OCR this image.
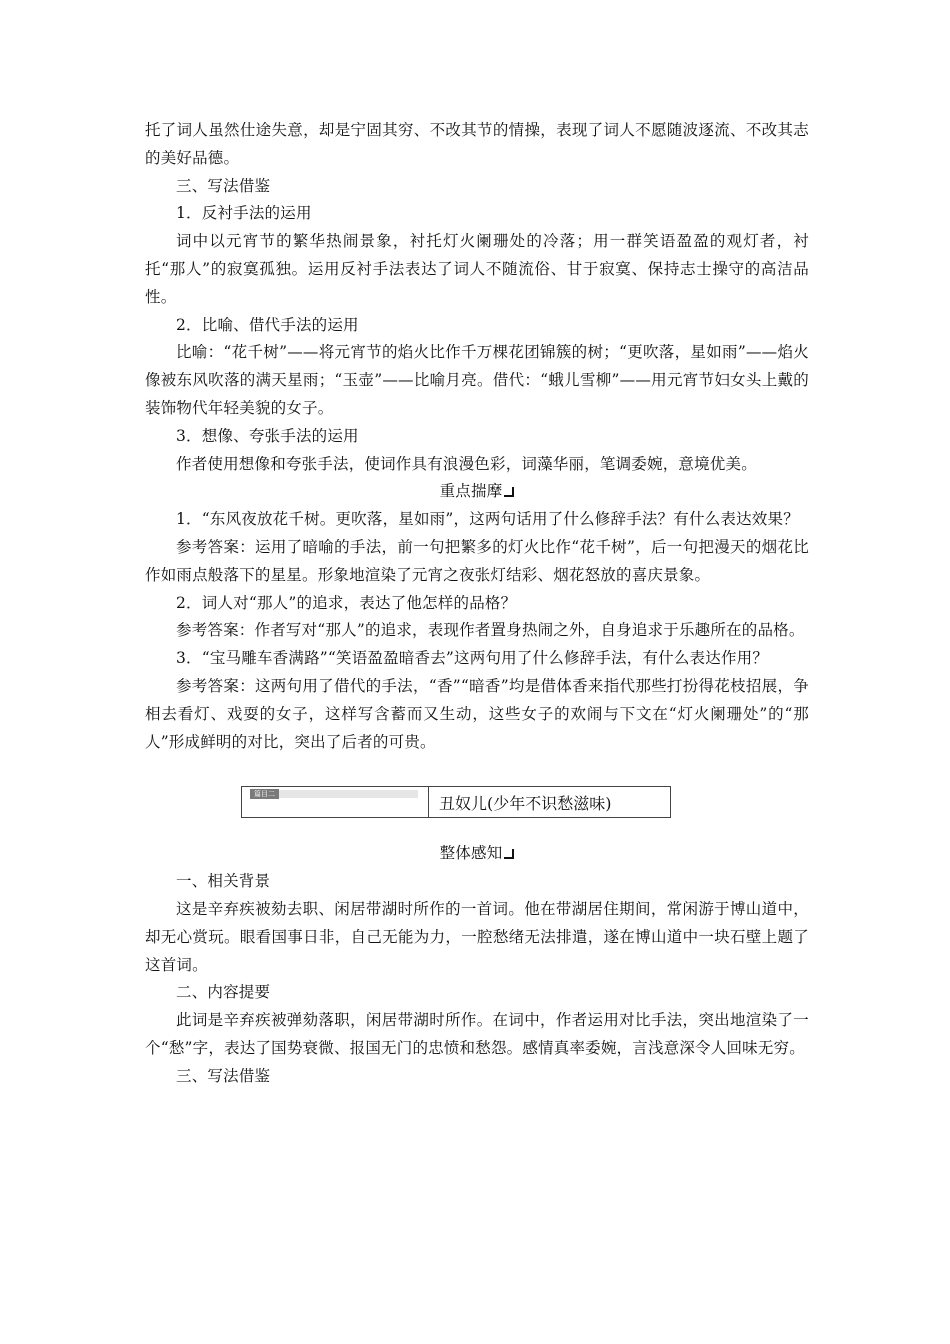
托了词人虽然仕途失意，却是宁固其穷、不改其节的情操，表现了词人不愿随波逐流、不改其志的美好品德。

三、写法借鉴

1．反衬手法的运用

词中以元宵节的繁华热闹景象，衬托灯火阑珊处的冷落；用一群笑语盈盈的观灯者，衬托“那人”的寂寞孤独。运用反衬手法表达了词人不随流俗、甘于寂寞、保持志士操守的高洁品性。

2．比喻、借代手法的运用

比喻：“花千树”——将元宵节的焰火比作千万棵花团锦簇的树；“更吹落，星如雨”——焰火像被东风吹落的满天星雨；“玉壶”——比喻月亮。借代：“蛾儿雪柳”——用元宵节妇女头上戴的装饰物代年轻美貌的女子。

3．想像、夸张手法的运用

作者使用想像和夸张手法，使词作具有浪漫色彩，词藻华丽，笔调委婉，意境优美。

重点揣摩

1．“东风夜放花千树。更吹落，星如雨”，这两句话用了什么修辞手法？有什么表达效果？

参考答案：运用了暗喻的手法，前一句把繁多的灯火比作“花千树”，后一句把漫天的烟花比作如雨点般落下的星星。形象地渲染了元宵之夜张灯结彩、烟花怒放的喜庆景象。

2．词人对“那人”的追求，表达了他怎样的品格？

参考答案：作者写对“那人”的追求，表现作者置身热闹之外，自身追求于乐趣所在的品格。

3．“宝马雕车香满路”“笑语盈盈暗香去”这两句用了什么修辞手法，有什么表达作用？

参考答案：这两句用了借代的手法，“香”“暗香”均是借体香来指代那些打扮得花枝招展，争相去看灯、戏耍的女子，这样写含蓄而又生动，这些女子的欢闹与下文在“灯火阑珊处”的“那人”形成鲜明的对比，突出了后者的可贵。

篇目二	丑奴儿(少年不识愁滋味)

整体感知

一、相关背景

这是辛弃疾被劾去职、闲居带湖时所作的一首词。他在带湖居住期间，常闲游于博山道中，却无心赏玩。眼看国事日非，自己无能为力，一腔愁绪无法排遣，遂在博山道中一块石壁上题了这首词。

二、内容提要

此词是辛弃疾被弹劾落职，闲居带湖时所作。在词中，作者运用对比手法，突出地渲染了一个“愁”字，表达了国势衰微、报国无门的忠愤和愁怨。感情真率委婉，言浅意深令人回味无穷。

三、写法借鉴
